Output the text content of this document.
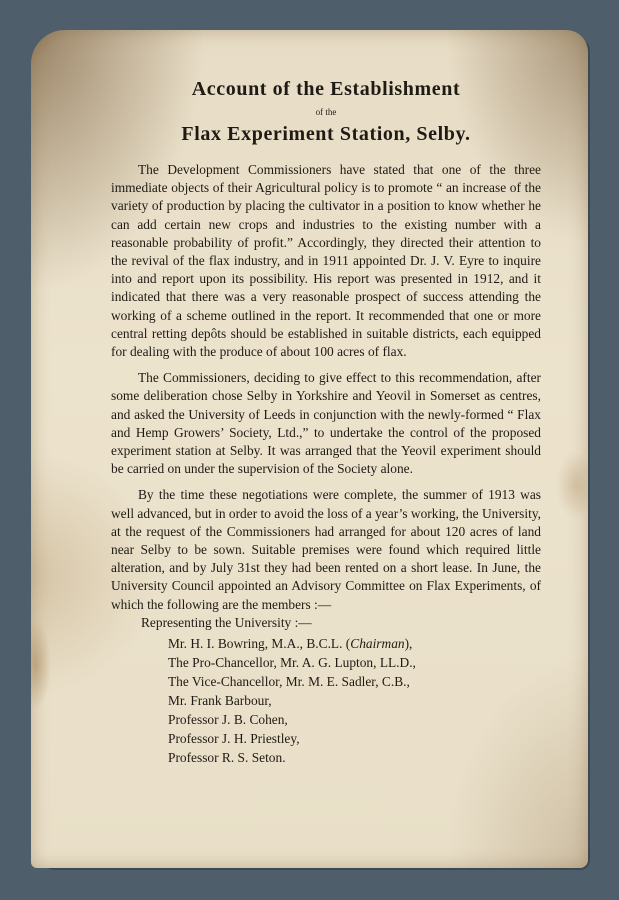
Account of the Establishment

of the

Flax Experiment Station, Selby.

The Development Commissioners have stated that one of the three immediate objects of their Agricultural policy is to promote “ an increase of the variety of production by placing the cultivator in a position to know whether he can add certain new crops and industries to the existing number with a reasonable probability of profit.” Accordingly, they directed their attention to the revival of the flax industry, and in 1911 appointed Dr. J. V. Eyre to inquire into and report upon its possibility. His report was presented in 1912, and it indicated that there was a very reasonable prospect of success attending the working of a scheme outlined in the report. It recommended that one or more central retting depôts should be established in suitable districts, each equipped for dealing with the produce of about 100 acres of flax.

The Commissioners, deciding to give effect to this recommendation, after some deliberation chose Selby in Yorkshire and Yeovil in Somerset as centres, and asked the University of Leeds in conjunction with the newly-formed “ Flax and Hemp Growers’ Society, Ltd.,” to undertake the control of the proposed experiment station at Selby. It was arranged that the Yeovil experiment should be carried on under the supervision of the Society alone.

By the time these negotiations were complete, the summer of 1913 was well advanced, but in order to avoid the loss of a year’s working, the University, at the request of the Commissioners had arranged for about 120 acres of land near Selby to be sown. Suitable premises were found which required little alteration, and by July 31st they had been rented on a short lease. In June, the University Council appointed an Advisory Committee on Flax Experiments, of which the following are the members :—

Representing the University :—

Mr. H. I. Bowring, M.A., B.C.L. (Chairman),
The Pro-Chancellor, Mr. A. G. Lupton, LL.D.,
The Vice-Chancellor, Mr. M. E. Sadler, C.B.,
Mr. Frank Barbour,
Professor J. B. Cohen,
Professor J. H. Priestley,
Professor R. S. Seton.
